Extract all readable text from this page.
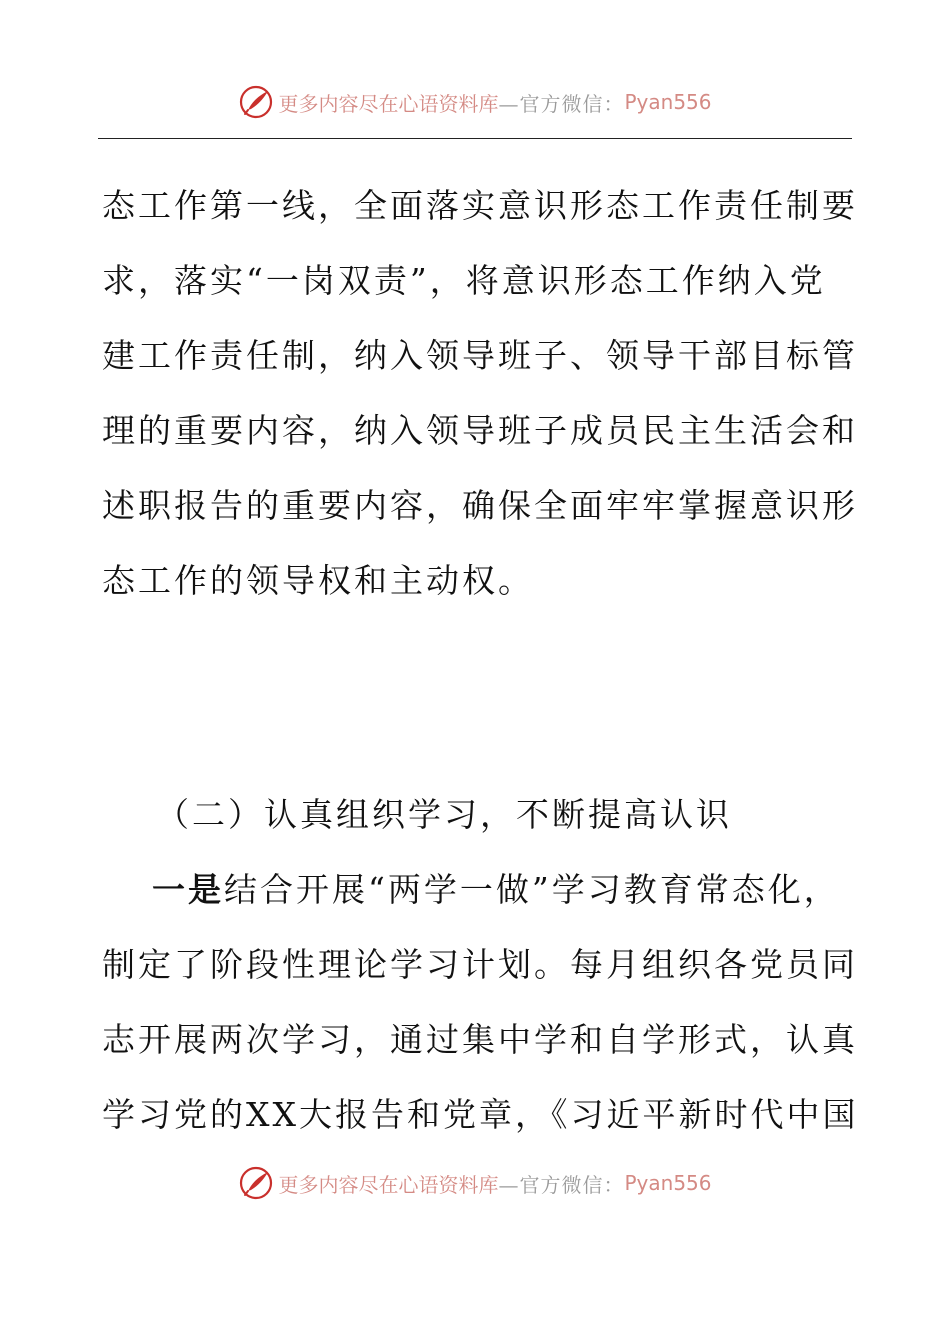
更多内容尽在心语资料库 —官方微信： Pyan556
态工作第一线，全面落实意识形态工作责任制要
求，落实“一岗双责”，将意识形态工作纳入党
建工作责任制，纳入领导班子、领导干部目标管
理的重要内容，纳入领导班子成员民主生活会和
述职报告的重要内容，确保全面牢牢掌握意识形
态工作的领导权和主动权。
（二）认真组织学习，不断提高认识
一是结合开展“两学一做”学习教育常态化，
制定了阶段性理论学习计划。每月组织各党员同
志开展两次学习，通过集中学和自学形式，认真
学习党的XX大报告和党章，《习近平新时代中国
更多内容尽在心语资料库 —官方微信： Pyan556
